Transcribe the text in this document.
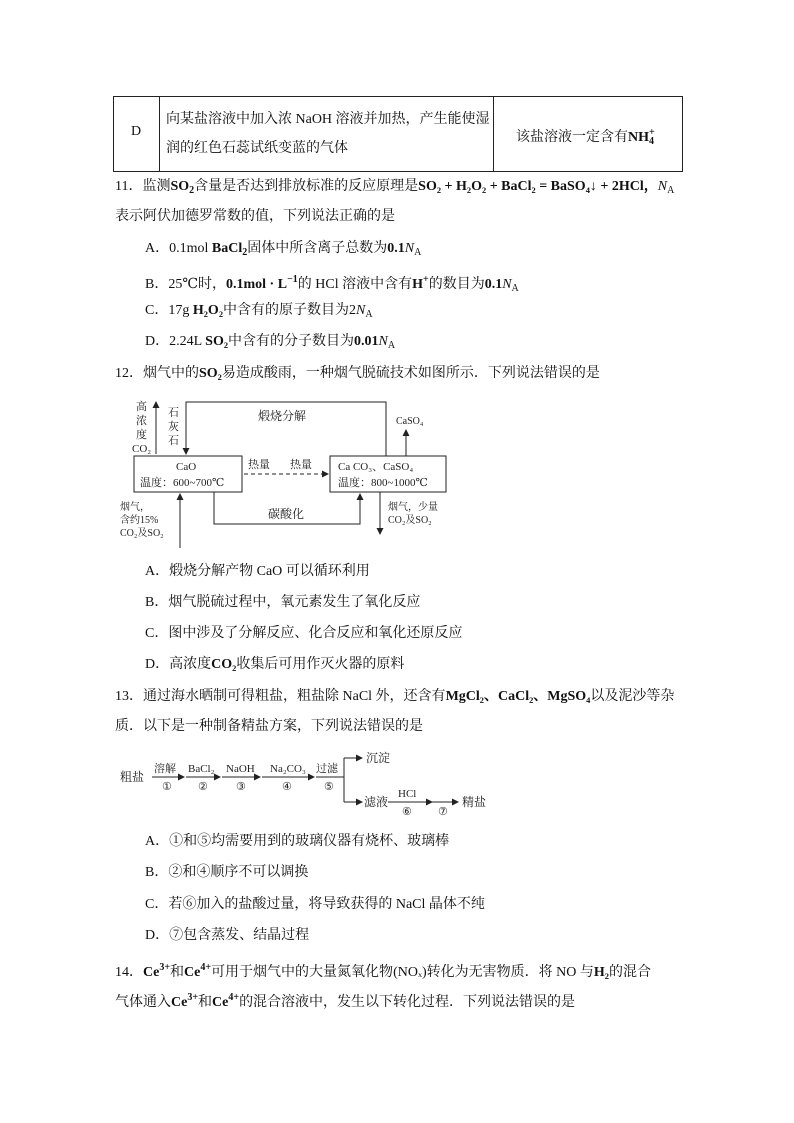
D
向某盐溶液中加入浓 NaOH 溶液并加热，产生能使湿
润的红色石蕊试纸变蓝的气体
该盐溶液一定含有$NH_4^+$
11．监测$SO_2$含量是否达到排放标准的反应原理是SO₂ + H₂O₂ + BaCl₂ = BaSO₄↓ + 2HCl，$N_A$
表示阿伏加德罗常数的值，下列说法正确的是
A．0.1mol BaCl$_2$固体中所含离子总数为$0.1N_A$
B．25℃时，$0.1mol \cdot L^{-1}$的 HCl 溶液中含有H+的数目为$0.1N_A$
C．17g H₂O₂中含有的原子数目为$2N_A$
D．2.24L SO₂中含有的分子数目为$0.01N_A$
12．烟气中的SO₂易造成酸雨，一种烟气脱硫技术如图所示．下列说法错误的是
高
浓
度
CO₂
石
灰
石
煅烧分解	CaSO₄
CaO
温度：600~700℃
热量 热量 Ca CO₃、CaSO₄
温度：800~1000℃
烟气，
含约15%
CO₂及SO₂
碳酸化	烟气，少量
CO₂及SO₂
A．煅烧分解产物 CaO 可以循环利用
B．烟气脱硫过程中，氧元素发生了氧化反应
C．图中涉及了分解反应、化合反应和氧化还原反应
D．高浓度CO₂收集后可用作灭火器的原料
13．通过海水晒制可得粗盐，粗盐除 NaCl 外，还含有MgCl₂、CaCl₂、MgSO₄以及泥沙等杂
质．以下是一种制备精盐方案，下列说法错误的是
粗盐
溶解
①
BaCl₂
②
NaOH
③
Na₂CO₃
④
过滤
⑤
沉淀
滤液
HCl
⑥ ⑦
精盐
A．①和⑤均需要用到的玻璃仪器有烧杯、玻璃棒
B．②和④顺序不可以调换
C．若⑥加入的盐酸过量，将导致获得的 NaCl 晶体不纯
D．⑦包含蒸发、结晶过程
14．$Ce^{3+}$和$Ce^{4+}$可用于烟气中的大量氮氧化物(NOₓ)转化为无害物质．将 NO 与H₂的混合
气体通入$Ce^{3+}$和$Ce^{4+}$的混合溶液中，发生以下转化过程．下列说法错误的是
